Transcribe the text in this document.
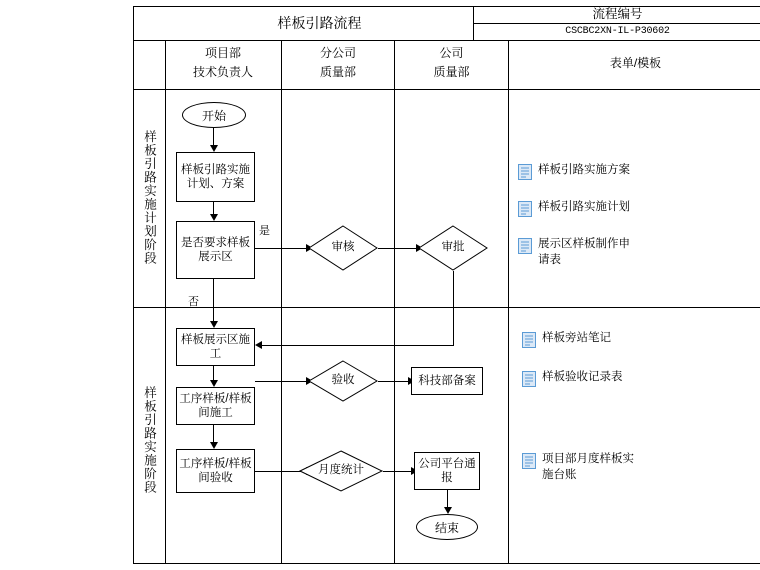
样板引路流程
流程编号
CSCBC2XN-IL-P30602
项目部
技术负责人
分公司
质量部
公司
质量部
表单/模板
样板引路实施计划阶段
样板引路实施阶段
开始
样板引路实施计划、方案
是否要求样板展示区
是
审核	审批
否
样板展示区施工
工序样板/样板间施工
工序样板/样板间验收
验收	科技部备案
月度统计
公司平台通报
结束
样板引路实施方案
样板引路实施计划
展示区样板制作申请表
样板旁站笔记
样板验收记录表
项目部月度样板实施台账
